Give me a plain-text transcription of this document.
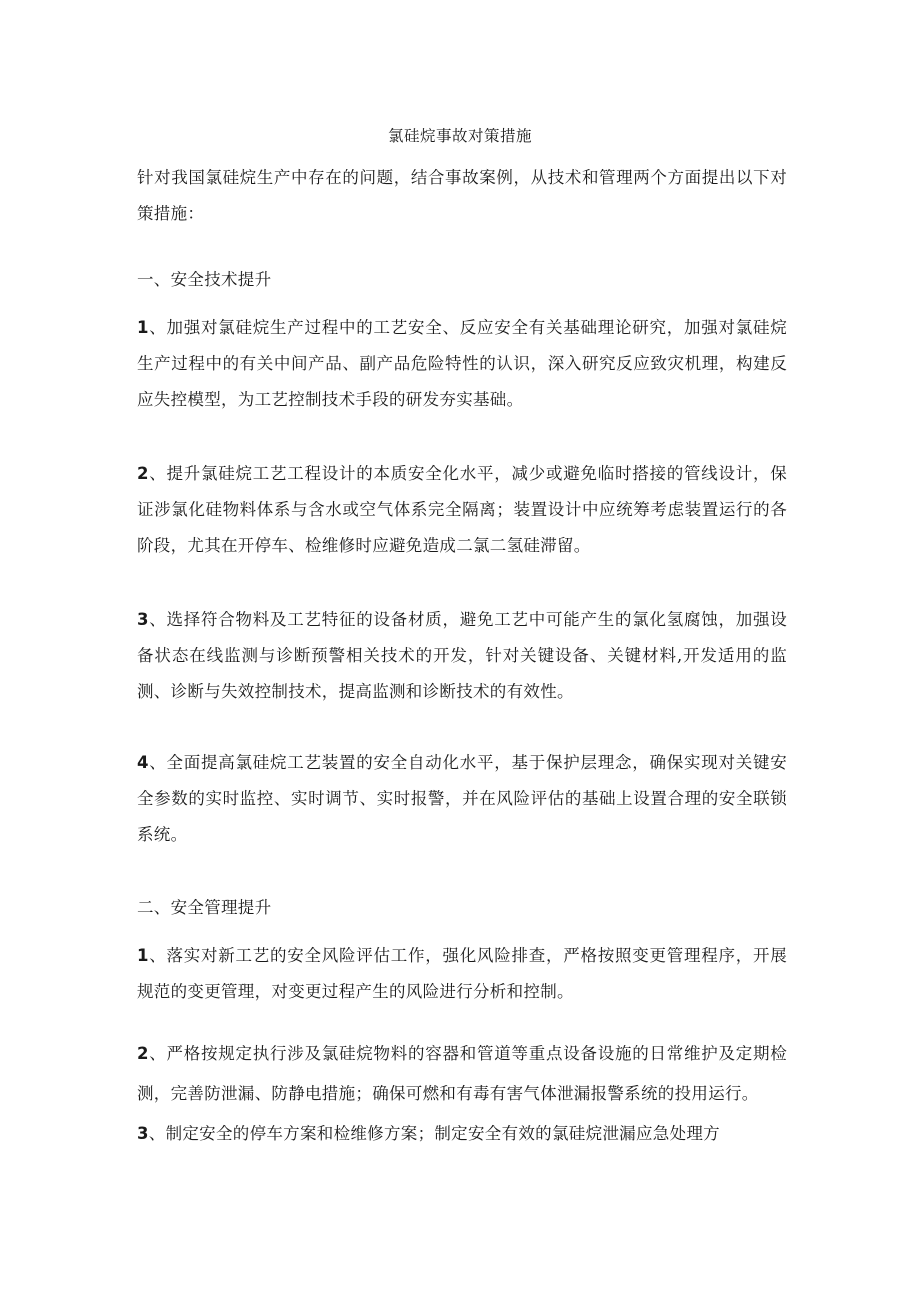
氯硅烷事故对策措施

针对我国氯硅烷生产中存在的问题，结合事故案例，从技术和管理两个方面提出以下对策措施：

一、安全技术提升

1、加强对氯硅烷生产过程中的工艺安全、反应安全有关基础理论研究，加强对氯硅烷生产过程中的有关中间产品、副产品危险特性的认识，深入研究反应致灾机理，构建反应失控模型，为工艺控制技术手段的研发夯实基础。

2、提升氯硅烷工艺工程设计的本质安全化水平，减少或避免临时搭接的管线设计，保证涉氯化硅物料体系与含水或空气体系完全隔离；装置设计中应统筹考虑装置运行的各阶段，尤其在开停车、检维修时应避免造成二氯二氢硅滞留。

3、选择符合物料及工艺特征的设备材质，避免工艺中可能产生的氯化氢腐蚀，加强设备状态在线监测与诊断预警相关技术的开发，针对关键设备、关键材料,开发适用的监测、诊断与失效控制技术，提高监测和诊断技术的有效性。

4、全面提高氯硅烷工艺装置的安全自动化水平，基于保护层理念，确保实现对关键安全参数的实时监控、实时调节、实时报警，并在风险评估的基础上设置合理的安全联锁系统。

二、安全管理提升

1、落实对新工艺的安全风险评估工作，强化风险排查，严格按照变更管理程序，开展规范的变更管理，对变更过程产生的风险进行分析和控制。

2、严格按规定执行涉及氯硅烷物料的容器和管道等重点设备设施的日常维护及定期检测，完善防泄漏、防静电措施；确保可燃和有毒有害气体泄漏报警系统的投用运行。

3、制定安全的停车方案和检维修方案；制定安全有效的氯硅烷泄漏应急处理方
